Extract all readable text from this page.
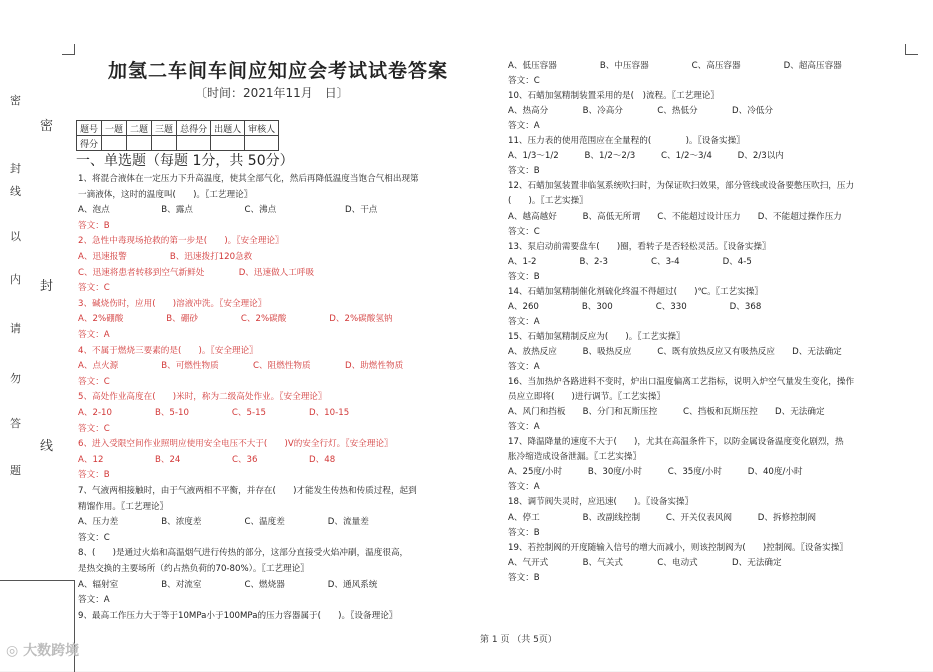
密
封
线
以
内
请
勿
答
题
密
封
线
加氢二车间车间应知应会考试试卷答案
〔时间：2021年11月　日〕
题号	一题	二题	三题	总得分	出题人	审核人
得分						
一、单选题（每题 1分，共 50分）
1、将混合液体在一定压力下升高温度，使其全部气化，然后再降低温度当饱合气相出现第
一滴液体，这时的温度叫(　　)。〖工艺理论〗
A、泡点　　　　　　B、露点　　　　　　C、沸点　　　　　　　　D、干点
答文：B
2、急性中毒现场抢救的第一步是(　　)。〖安全理论〗
A、迅速报警　　　　　B、迅速拨打120急救
C、迅速将患者转移到空气新鲜处　　　　D、迅速做人工呼吸
答文：C
3、碱烧伤时，应用(　　)溶液冲洗。〖安全理论〗
A、2%硼酸　　　　　B、硼砂　　　　　C、2%碳酸　　　　　D、2%碳酸氢钠
答文：A
4、不属于燃烧三要素的是(　　)。〖安全理论〗
A、点火源　　　　　B、可燃性物质　　　　C、阻燃性物质　　　　D、助燃性物质
答文：C
5、高处作业高度在(　　)米时，称为二级高处作业。〖安全理论〗
A、2-10　　　　　B、5-10　　　　　C、5-15　　　　　D、10-15
答文：C
6、进入受限空间作业照明应使用安全电压不大于(　　)V的安全行灯。〖安全理论〗
A、12　　　　　　B、24　　　　　　C、36　　　　　　D、48
答文：B
7、气液两相接触时，由于气液两相不平衡，并存在(　　)才能发生传热和传质过程，起到
精馏作用。〖工艺理论〗
A、压力差　　　　　B、浓度差　　　　　C、温度差　　　　　D、流量差
答文：C
8、(　　)是通过火焰和高温烟气进行传热的部分，这部分直接受火焰冲刷，温度很高，
是热交换的主要场所（约占热负荷的70-80%）。〖工艺理论〗
A、辐射室　　　　　B、对流室　　　　　C、燃烧器　　　　　D、通风系统
答文：A
9、最高工作压力大于等于10MPa小于100MPa的压力容器属于(　　)。〖设备理论〗
A、低压容器　　　　　B、中压容器　　　　　C、高压容器　　　　　D、超高压容器
答文：C
10、石蜡加氢精制装置采用的是(　)流程。〖工艺理论〗
A、热高分　　　　B、冷高分　　　　C、热低分　　　　D、冷低分
答文：A
11、压力表的使用范围应在全量程的(　　　　)。〖设备实操〗
A、1/3～1/2　　　B、1/2～2/3　　　C、1/2～3/4　　　D、2/3以内
答文：B
12、石蜡加氢装置非临氢系统吹扫时，为保证吹扫效果，部分管线或设备要憋压吹扫，压力
(　　)。〖工艺实操〗
A、越高越好　　　B、高低无所谓　　C、不能超过设计压力　　D、不能超过操作压力
答文：C
13、泵启动前需要盘车(　　)圈，看转子是否轻松灵活。〖设备实操〗
A、1-2　　　　　B、2-3　　　　　C、3-4　　　　　D、4-5
答文：B
14、石蜡加氢精制催化剂硫化终温不得超过(　　)℃。〖工艺实操〗
A、260　　　　　B、300　　　　　C、330　　　　　D、368
答文：A
15、石蜡加氢精制反应为(　　)。〖工艺实操〗
A、放热反应　　　B、吸热反应　　　C、既有放热反应又有吸热反应　　D、无法确定
答文：A
16、当加热炉各路进料不变时，炉出口温度偏离工艺指标，说明入炉空气量发生变化，操作
员应立即将(　　)进行调节。〖工艺实操〗
A、风门和挡板　　B、分门和瓦斯压控　　　C、挡板和瓦斯压控　　D、无法确定
答文：A
17、降温降量的速度不大于(　　)，尤其在高温条件下，以防金属设备温度变化剧烈，热
胀冷缩造成设备泄漏。〖工艺实操〗
A、25度/小时　　　B、30度/小时　　　C、35度/小时　　　D、40度/小时
答文：A
18、调节阀失灵时，应迅速(　　)。〖设备实操〗
A、停工　　　　　B、改副线控制　　　C、开关仪表风阀　　　D、拆修控制阀
答文：B
19、若控制阀的开度随输入信号的增大而减小，则该控制阀为(　　)控制阀。〖设备实操〗
A、气开式　　　　B、气关式　　　　C、电动式　　　　D、无法确定
答文：B
第 1 页 （共 5页）
◎ 大数跨境
